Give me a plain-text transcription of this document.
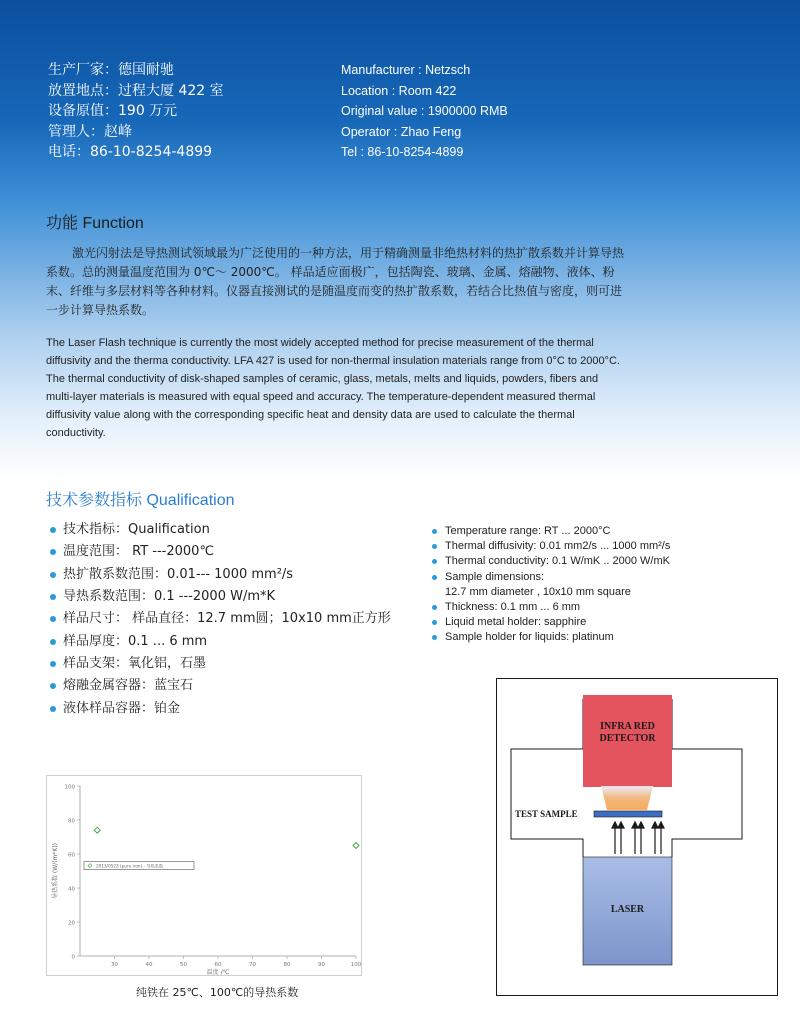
生产厂家：德国耐驰
放置地点：过程大厦 422 室
设备原值：190 万元
管理人：赵峰
电话：86-10-8254-4899
Manufacturer : Netzsch
Location : Room 422
Original value : 1900000 RMB
Operator : Zhao Feng
Tel : 86-10-8254-4899
功能 Function

激光闪射法是导热测试领域最为广泛使用的一种方法，用于精确测量非绝热材料的热扩散系数并计算导热系数。总的测量温度范围为 0℃～ 2000℃。 样品适应面极广，包括陶瓷、玻璃、金属、熔融物、液体、粉末、纤维与多层材料等各种材料。仪器直接测试的是随温度而变的热扩散系数，若结合比热值与密度，则可进一步计算导热系数。

The Laser Flash technique is currently the most widely accepted method for precise measurement of the thermal diffusivity and the therma conductivity. LFA 427 is used for non-thermal insulation materials range from 0°C to 2000°C.

The thermal conductivity of disk-shaped samples of ceramic, glass, metals, melts and liquids, powders, fibers and multi-layer materials is measured with equal speed and accuracy. The temperature-dependent measured thermal diffusivity value along with the corresponding specific heat and density data are used to calculate the thermal conductivity.

技术参数指标 Qualification
技术指标：Qualification
温度范围： RT ---2000℃
热扩散系数范围：0.01--- 1000 mm²/s
导热系数范围：0.1 ---2000 W/m*K
样品尺寸： 样品直径：12.7 mm圆；10x10 mm正方形
样品厚度：0.1 ... 6 mm
样品支架：氧化铝，石墨
熔融金属容器：蓝宝石
液体样品容器：铂金
Temperature range: RT ... 2000°C
Thermal diffusivity: 0.01 mm2/s ... 1000 mm²/s
Thermal conductivity: 0.1 W/mK .. 2000 W/mK
Sample dimensions:
12.7 mm diameter , 10x10 mm square
Thickness: 0.1 mm ... 6 mm
Liquid metal holder: sapphire
Sample holder for liquids: platinum
0
20
40
60
80
100
30	40	50	60	70	80	90	100
温度 /℃
导热系数 (W/(m*K))	2013/0523 (pure iron) - 导热系数
纯铁在 25℃、100℃的导热系数
INFRA RED
DETECTOR
TEST SAMPLE
LASER
